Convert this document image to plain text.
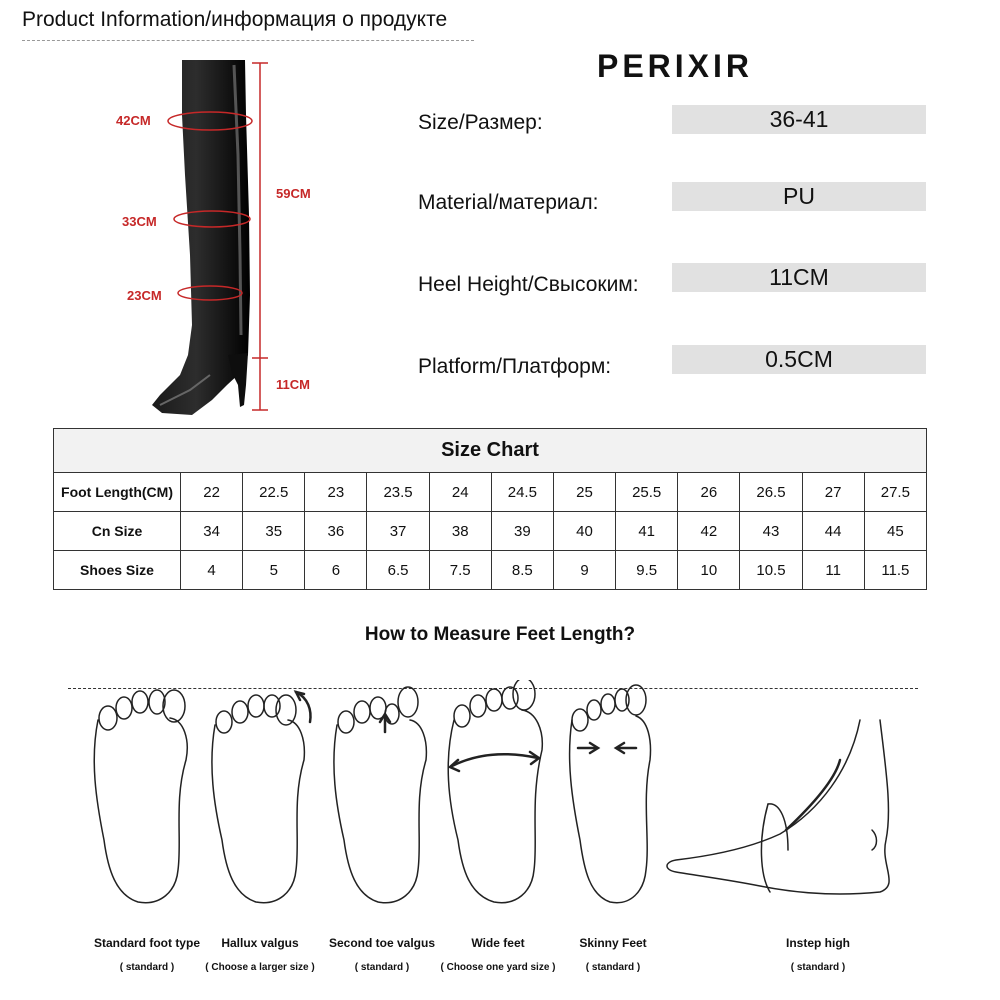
Product Information/информация о продукте
PERIXIR
42CM
59CM
33CM
23CM
11CM
Size/Размер:	36-41
Material/материал:	PU
Heel Height/Свысоким:	11CM
Platform/Платформ:	0.5CM
Size Chart												
Foot Length(CM)	22	22.5	23	23.5	24	24.5	25	25.5	26	26.5	27	27.5
Cn Size	34	35	36	37	38	39	40	41	42	43	44	45
Shoes Size	4	5	6	6.5	7.5	8.5	9	9.5	10	10.5	11	11.5
How to Measure Feet Length?
Standard foot type
( standard )
Hallux valgus
( Choose a larger size )
Second toe valgus
( standard )
Wide feet
( Choose one yard size )
Skinny Feet
( standard )
Instep high
( standard )
